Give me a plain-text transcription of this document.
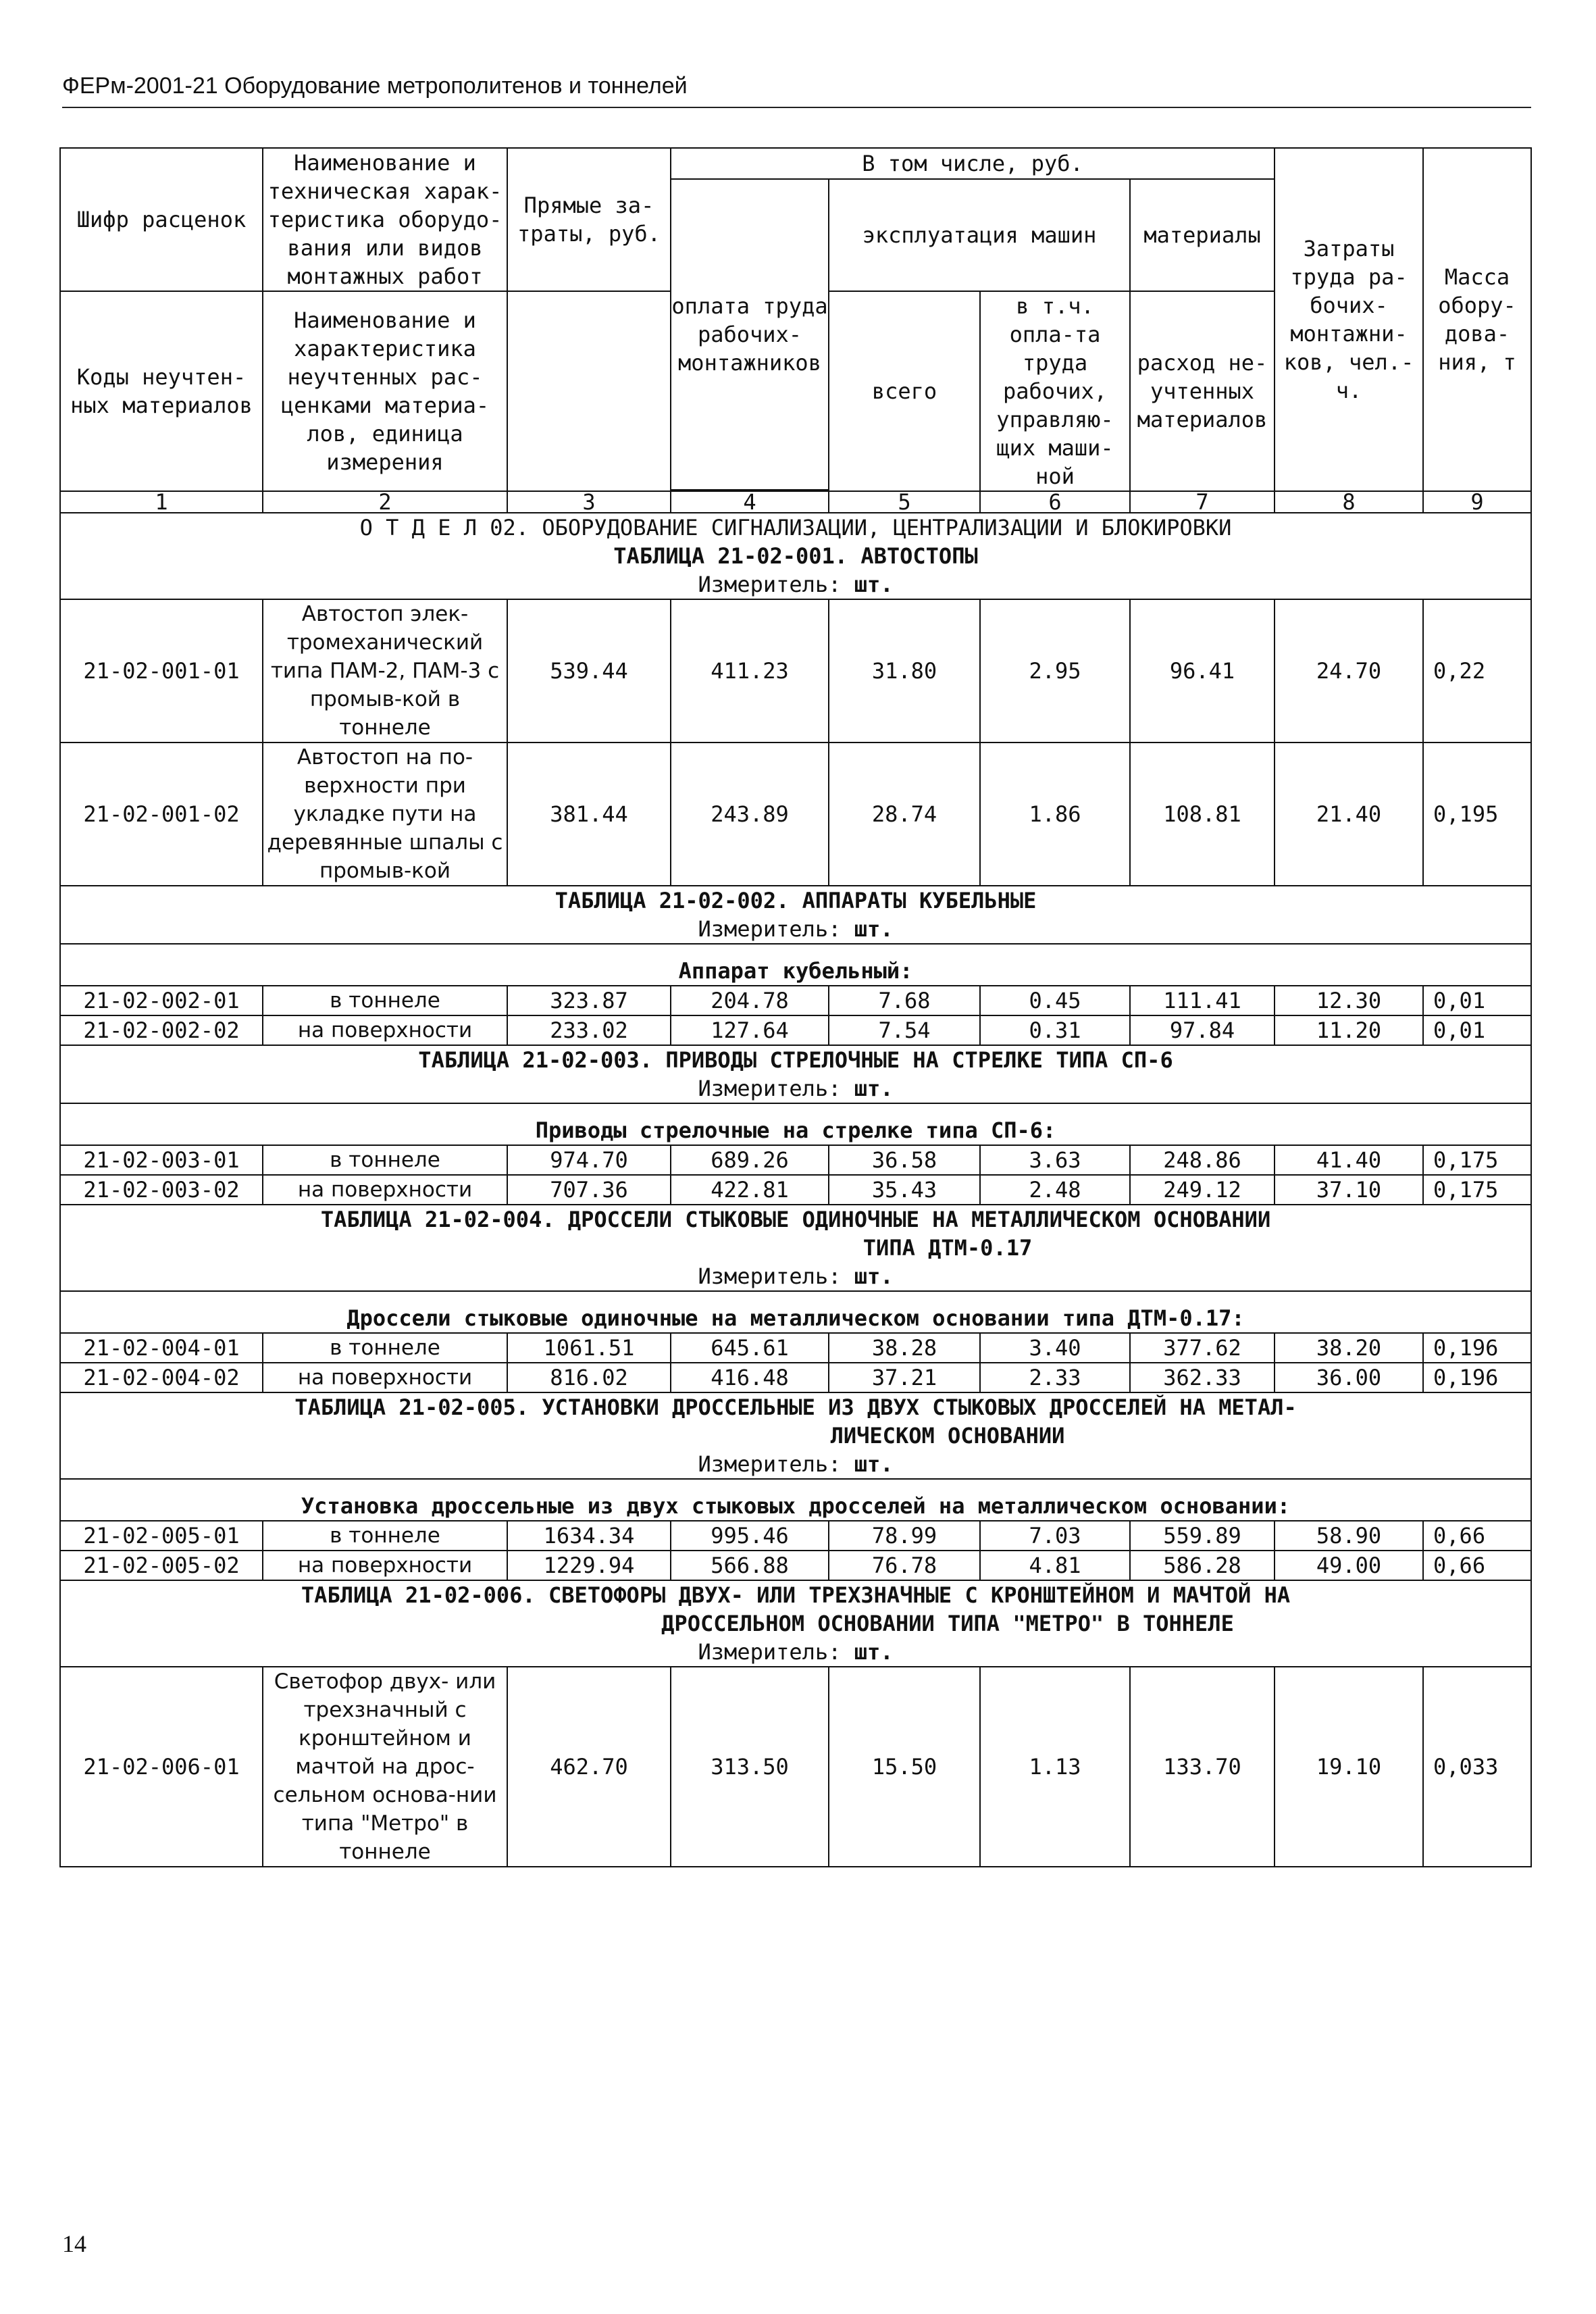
ФЕРм-2001-21 Оборудование метрополитенов и тоннелей
Шифр расценок	Наименование и техническая харак-теристика оборудо-вания или видов монтажных работ	Прямые за-траты, руб.	В том числе, руб.				Затраты труда ра-бочих-монтажни-ков, чел.-ч.	Масса обору-дова-ния, т
			оплата труда рабочих-монтажников	эксплуатация машин		материалы		

Коды неучтен-ных материалов	Наименование и характеристика неучтенных рас-ценками материа-лов, единица измерения			всего	в т.ч. опла-та труда рабочих, управляю-щих маши-ной	расход не-учтенных материалов		

1	2	3	4	5	6	7	8	9
О Т Д Е Л 02. ОБОРУДОВАНИЕ СИГНАЛИЗАЦИИ, ЦЕНТРАЛИЗАЦИИ И БЛОКИРОВКИ								
ТАБЛИЦА 21-02-001. АВТОСТОПЫ								
Измеритель: шт.								
21-02-001-01	Автостоп элек-тромеханический типа ПАМ-2, ПАМ-3 с промыв-кой в тоннеле	539.44	411.23	31.80	2.95	96.41	24.70	0,22
21-02-001-02	Автостоп на по-верхности при укладке пути на деревянные шпалы с промыв-кой	381.44	243.89	28.74	1.86	108.81	21.40	0,195
ТАБЛИЦА 21-02-002. АППАРАТЫ КУБЕЛЬНЫЕ								
Измеритель: шт.								
Аппарат кубельный:								
21-02-002-01	в тоннеле	323.87	204.78	7.68	0.45	111.41	12.30	0,01
21-02-002-02	на поверхности	233.02	127.64	7.54	0.31	97.84	11.20	0,01
ТАБЛИЦА 21-02-003. ПРИВОДЫ СТРЕЛОЧНЫЕ НА СТРЕЛКЕ ТИПА СП-6								
Измеритель: шт.								
Приводы стрелочные на стрелке типа СП-6:								
21-02-003-01	в тоннеле	974.70	689.26	36.58	3.63	248.86	41.40	0,175
21-02-003-02	на поверхности	707.36	422.81	35.43	2.48	249.12	37.10	0,175
ТАБЛИЦА 21-02-004. ДРОССЕЛИ СТЫКОВЫЕ ОДИНОЧНЫЕ НА МЕТАЛЛИЧЕСКОМ ОСНОВАНИИ
ТИПА ДТМ-0.17								

Измеритель: шт.								
Дроссели стыковые одиночные на металлическом основании типа ДТМ-0.17:								
21-02-004-01	в тоннеле	1061.51	645.61	38.28	3.40	377.62	38.20	0,196
21-02-004-02	на поверхности	816.02	416.48	37.21	2.33	362.33	36.00	0,196
ТАБЛИЦА 21-02-005. УСТАНОВКИ ДРОССЕЛЬНЫЕ ИЗ ДВУХ СТЫКОВЫХ ДРОССЕЛЕЙ НА МЕТАЛ-
ЛИЧЕСКОМ ОСНОВАНИИ								

Измеритель: шт.								
Установка дроссельные из двух стыковых дросселей на металлическом основании:								
21-02-005-01	в тоннеле	1634.34	995.46	78.99	7.03	559.89	58.90	0,66
21-02-005-02	на поверхности	1229.94	566.88	76.78	4.81	586.28	49.00	0,66
ТАБЛИЦА 21-02-006. СВЕТОФОРЫ ДВУХ- ИЛИ ТРЕХЗНАЧНЫЕ С КРОНШТЕЙНОМ И МАЧТОЙ НА
ДРОССЕЛЬНОМ ОСНОВАНИИ ТИПА "МЕТРО" В ТОННЕЛЕ								

Измеритель: шт.								
21-02-006-01	Светофор двух- или трехзначный с кронштейном и мачтой на дрос-сельном основа-нии типа "Метро" в тоннеле	462.70	313.50	15.50	1.13	133.70	19.10	0,033
14
